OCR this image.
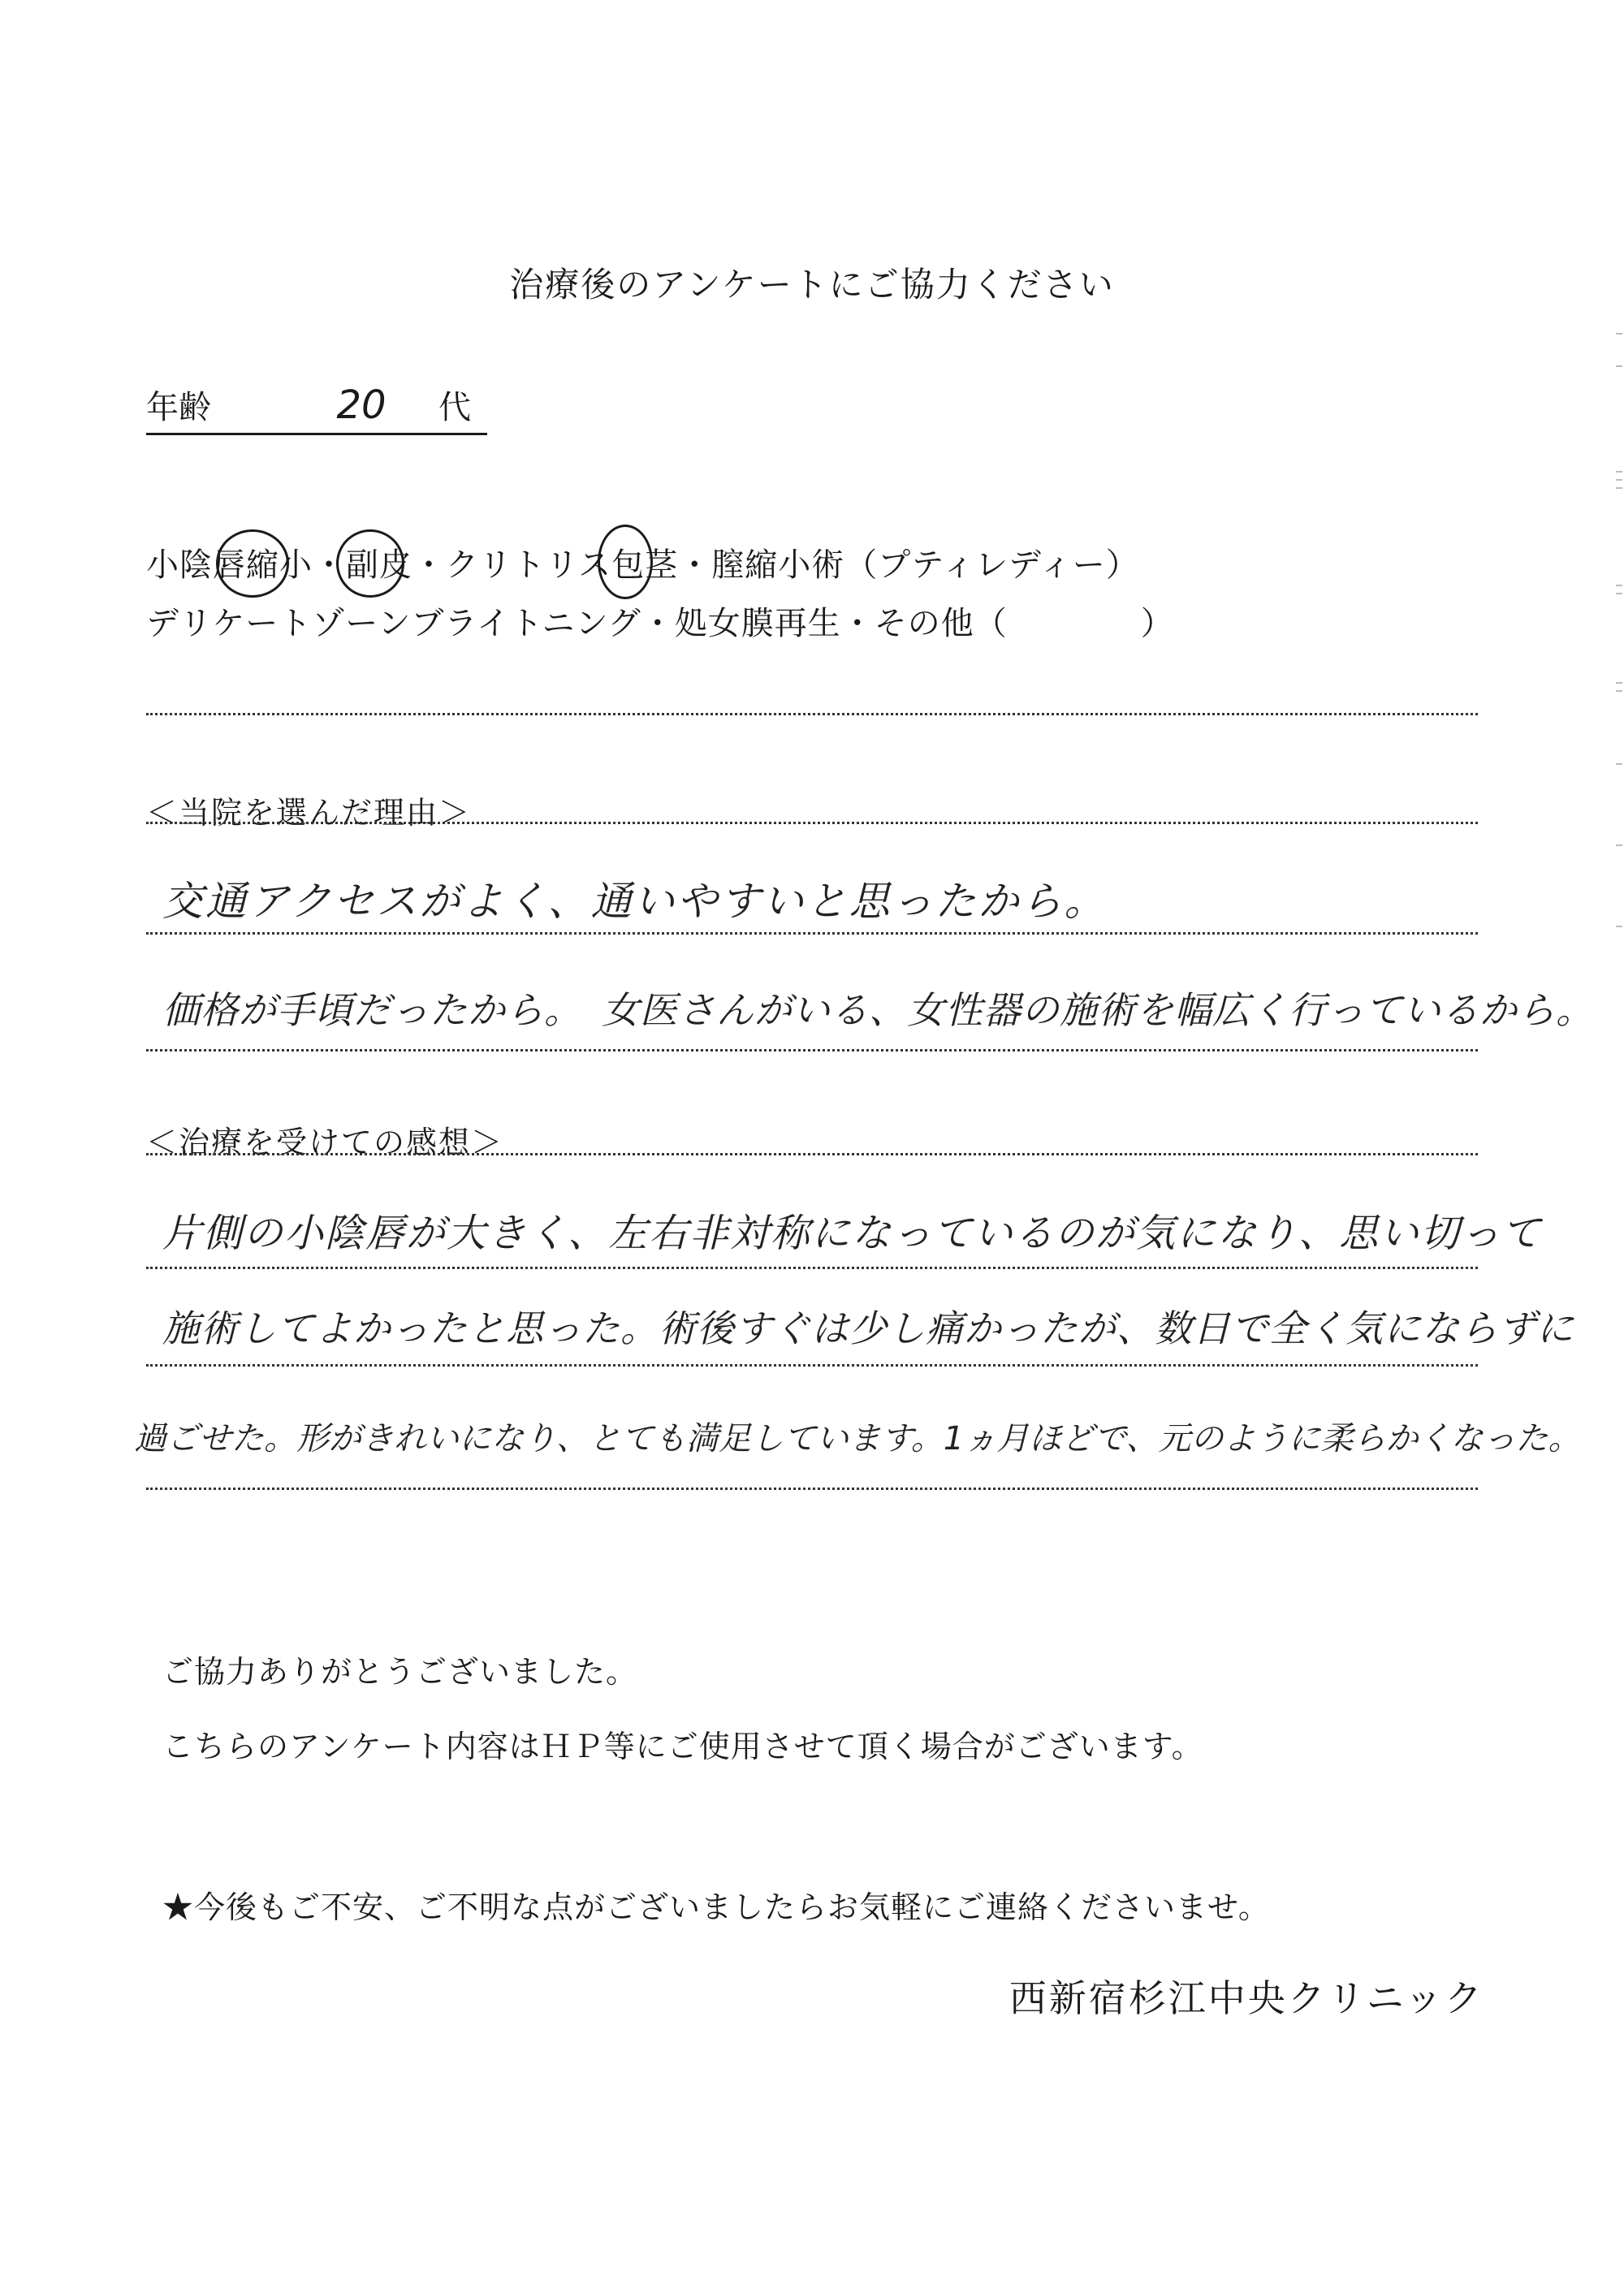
治療後のアンケートにご協力ください
年齢	20	代
小陰唇縮小・副皮・クリトリス包茎・膣縮小術（プティレディー）
デリケートゾーンブライトニング・処女膜再生・その他（　　　　）
＜当院を選んだ理由＞
交通アクセスがよく、通いやすいと思ったから。
価格が手頃だったから。　女医さんがいる、女性器の施術を幅広く行っているから。
＜治療を受けての感想＞
片側の小陰唇が大きく、左右非対称になっているのが気になり、思い切って
施術してよかったと思った。術後すぐは少し痛かったが、数日で全く気にならずに
過ごせた。形がきれいになり、とても満足しています。1ヵ月ほどで、元のように柔らかくなった。
ご協力ありがとうございました。
こちらのアンケート内容はＨＰ等にご使用させて頂く場合がございます。
★今後もご不安、ご不明な点がございましたらお気軽にご連絡くださいませ。
西新宿杉江中央クリニック
